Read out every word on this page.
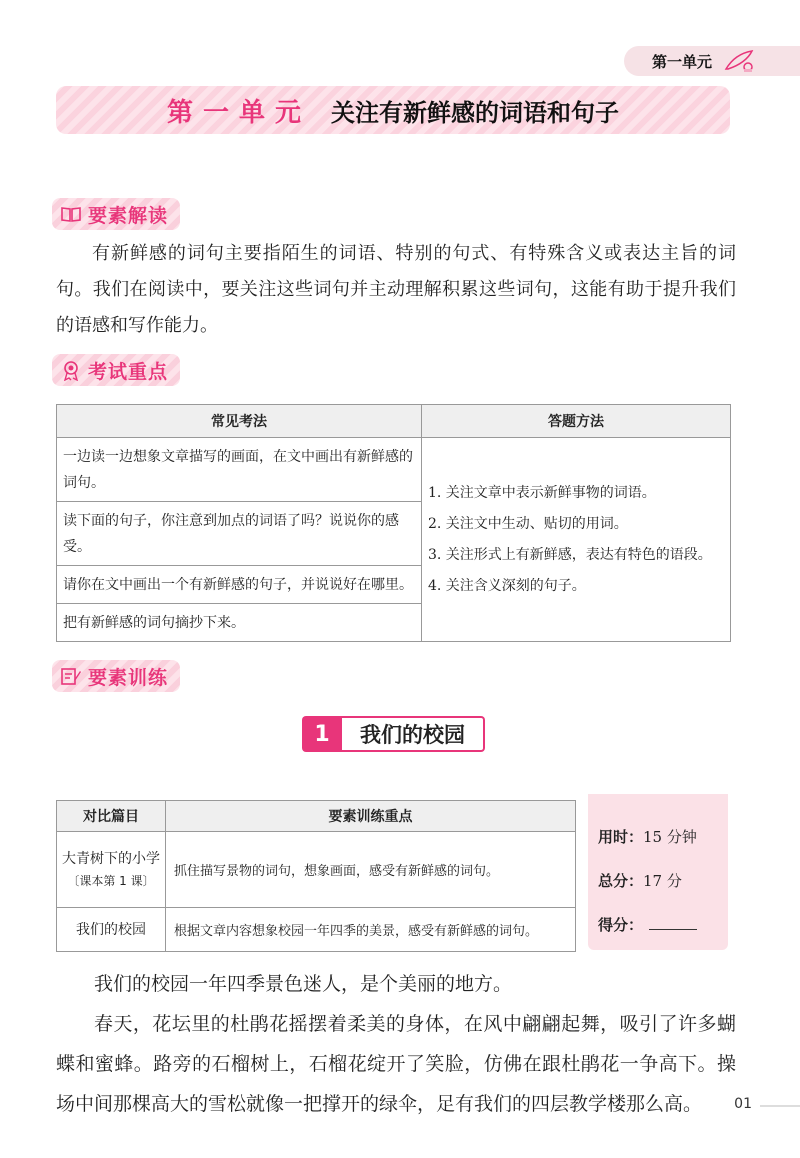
第一单元
第一单元 关注有新鲜感的词语和句子
要素解读

有新鲜感的词句主要指陌生的词语、特别的句式、有特殊含义或表达主旨的词句。我们在阅读中，要关注这些词句并主动理解积累这些词句，这能有助于提升我们的语感和写作能力。

考试重点
常见考法	答题方法
一边读一边想象文章描写的画面，在文中画出有新鲜感的词句。	1. 关注文章中表示新鲜事物的词语。
2. 关注文中生动、贴切的用词。
3. 关注形式上有新鲜感，表达有特色的语段。
4. 关注含义深刻的句子。

读下面的句子，你注意到加点的词语了吗？说说你的感受。	
请你在文中画出一个有新鲜感的句子，并说说好在哪里。	
把有新鲜感的词句摘抄下来。	
要素训练
1	我们的校园
对比篇目	要素训练重点

大青树下的小学
〔课本第 1 课〕	抓住描写景物的词句，想象画面，感受有新鲜感的词句。

我们的校园	根据文章内容想象校园一年四季的美景，感受有新鲜感的词句。
用时：15 分钟
总分：17 分
得分：

我们的校园一年四季景色迷人，是个美丽的地方。

春天，花坛里的杜鹃花摇摆着柔美的身体，在风中翩翩起舞，吸引了许多蝴蝶和蜜蜂。路旁的石榴树上，石榴花绽开了笑脸，仿佛在跟杜鹃花一争高下。操场中间那棵高大的雪松就像一把撑开的绿伞，足有我们的四层教学楼那么高。	01
